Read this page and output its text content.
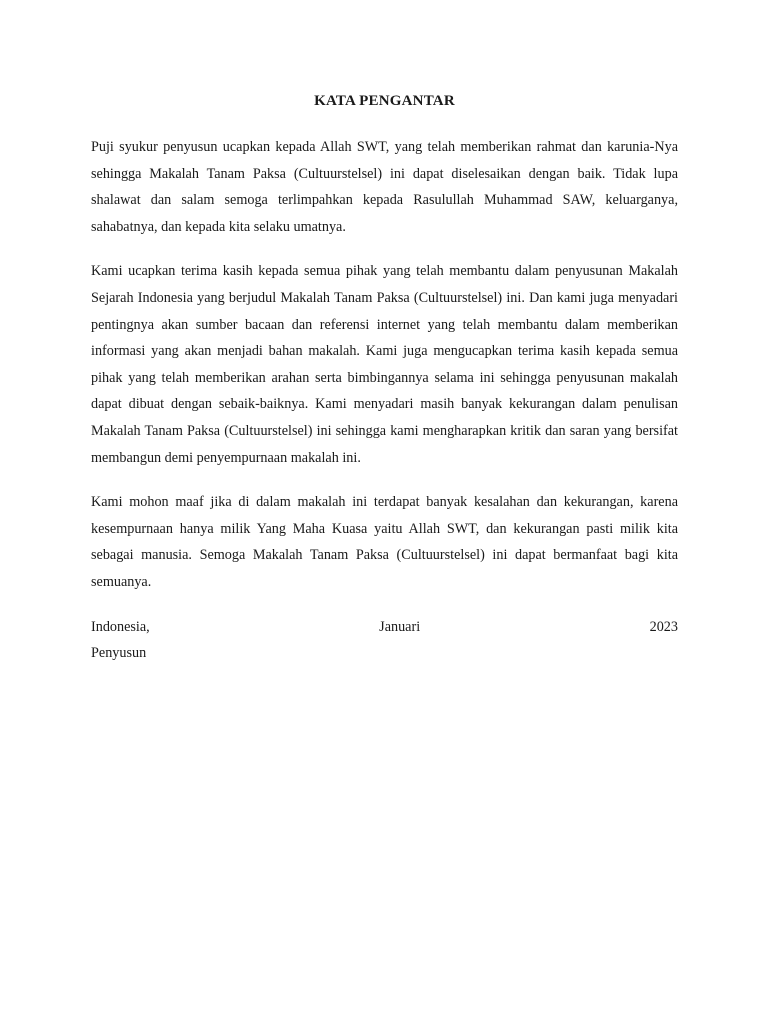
KATA PENGANTAR

Puji syukur penyusun ucapkan kepada Allah SWT, yang telah memberikan rahmat dan karunia-Nya sehingga Makalah Tanam Paksa (Cultuurstelsel) ini dapat diselesaikan dengan baik. Tidak lupa shalawat dan salam semoga terlimpahkan kepada Rasulullah Muhammad SAW, keluarganya, sahabatnya, dan kepada kita selaku umatnya.

Kami ucapkan terima kasih kepada semua pihak yang telah membantu dalam penyusunan Makalah Sejarah Indonesia yang berjudul Makalah Tanam Paksa (Cultuurstelsel) ini. Dan kami juga menyadari pentingnya akan sumber bacaan dan referensi internet yang telah membantu dalam memberikan informasi yang akan menjadi bahan makalah. Kami juga mengucapkan terima kasih kepada semua pihak yang telah memberikan arahan serta bimbingannya selama ini sehingga penyusunan makalah dapat dibuat dengan sebaik-baiknya. Kami menyadari masih banyak kekurangan dalam penulisan Makalah Tanam Paksa (Cultuurstelsel) ini sehingga kami mengharapkan kritik dan saran yang bersifat membangun demi penyempurnaan makalah ini.

Kami mohon maaf jika di dalam makalah ini terdapat banyak kesalahan dan kekurangan, karena kesempurnaan hanya milik Yang Maha Kuasa yaitu Allah SWT, dan kekurangan pasti milik kita sebagai manusia. Semoga Makalah Tanam Paksa (Cultuurstelsel) ini dapat bermanfaat bagi kita semuanya.

Indonesia,	Januari	2023
Penyusun
